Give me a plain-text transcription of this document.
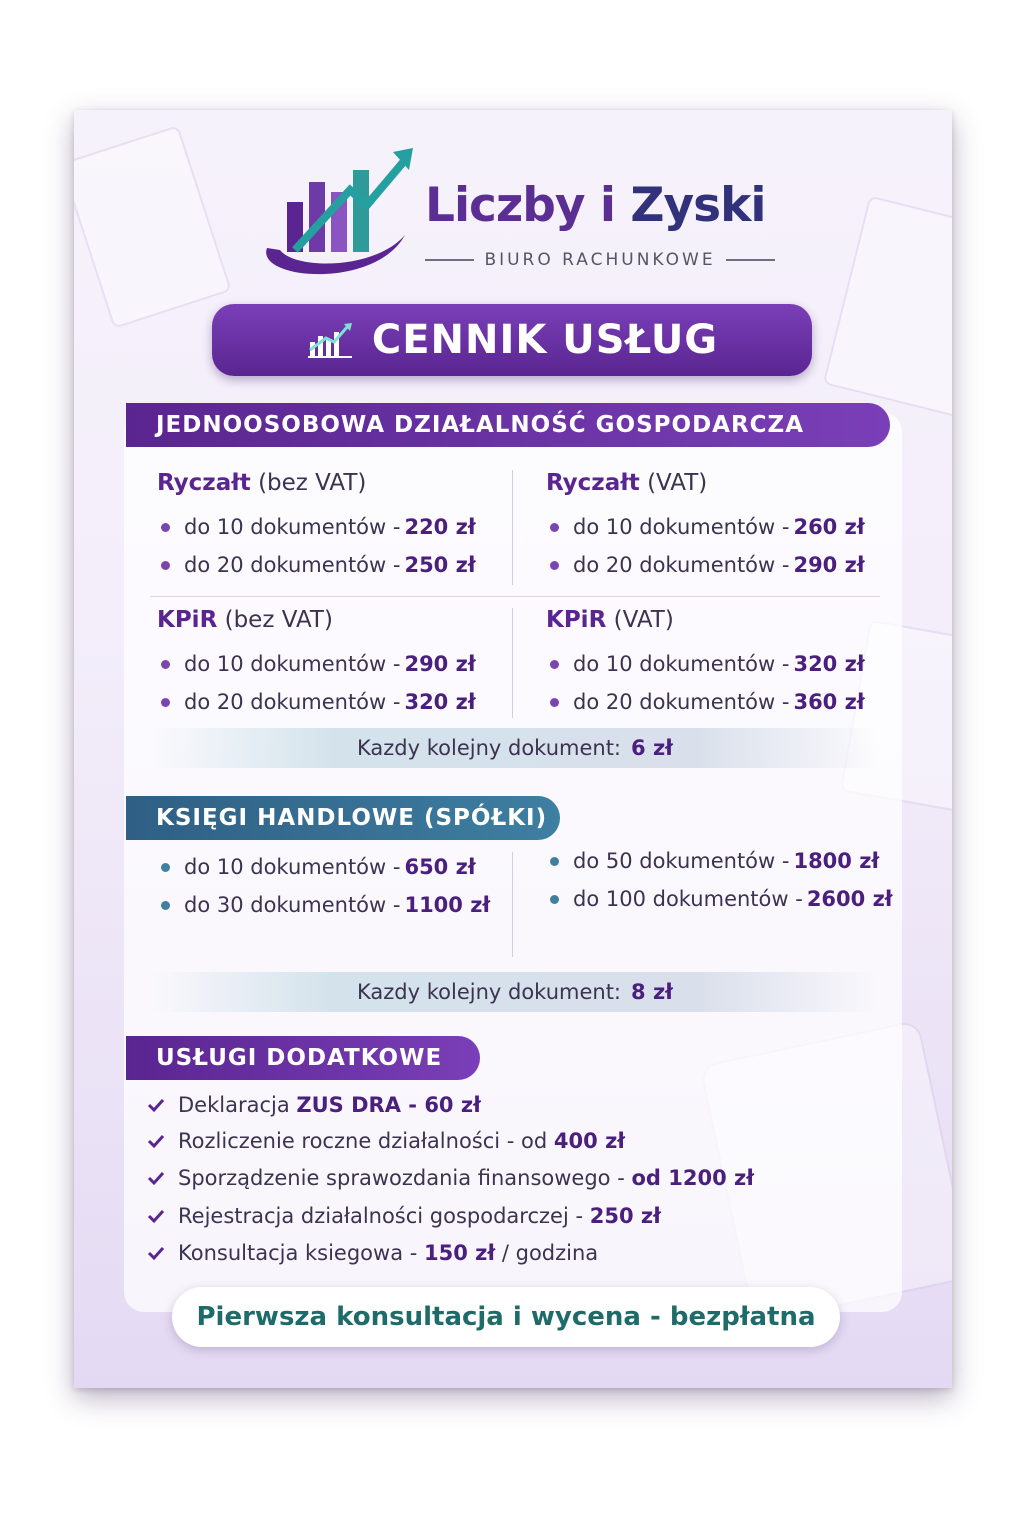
Liczby i Zyski
BIURO RACHUNKOWE
CENNIK USŁUG
JEDNOOSOBOWA DZIAŁALNOŚĆ GOSPODARCZA
Ryczałt (bez VAT)
do 10 dokumentów - 220 zł
do 20 dokumentów - 250 zł
Ryczałt (VAT)
do 10 dokumentów - 260 zł
do 20 dokumentów - 290 zł
KPiR (bez VAT)
do 10 dokumentów - 290 zł
do 20 dokumentów - 320 zł
KPiR (VAT)
do 10 dokumentów - 320 zł
do 20 dokumentów - 360 zł
Kazdy kolejny dokument: 6 zł
KSIĘGI HANDLOWE (SPÓŁKI)
do 10 dokumentów - 650 zł
do 30 dokumentów - 1100 zł
do 50 dokumentów - 1800 zł
do 100 dokumentów - 2600 zł
Kazdy kolejny dokument: 8 zł
USŁUGI DODATKOWE
Deklaracja
ZUS DRA - 60 zł
Rozliczenie roczne działalności - od
400 zł
Sporządzenie sprawozdania finansowego -
od 1200 zł
Rejestracja działalności gospodarczej -
250 zł
Konsultacja ksiegowa -
150 zł
/ godzina
Pierwsza konsultacja i wycena - bezpłatna
